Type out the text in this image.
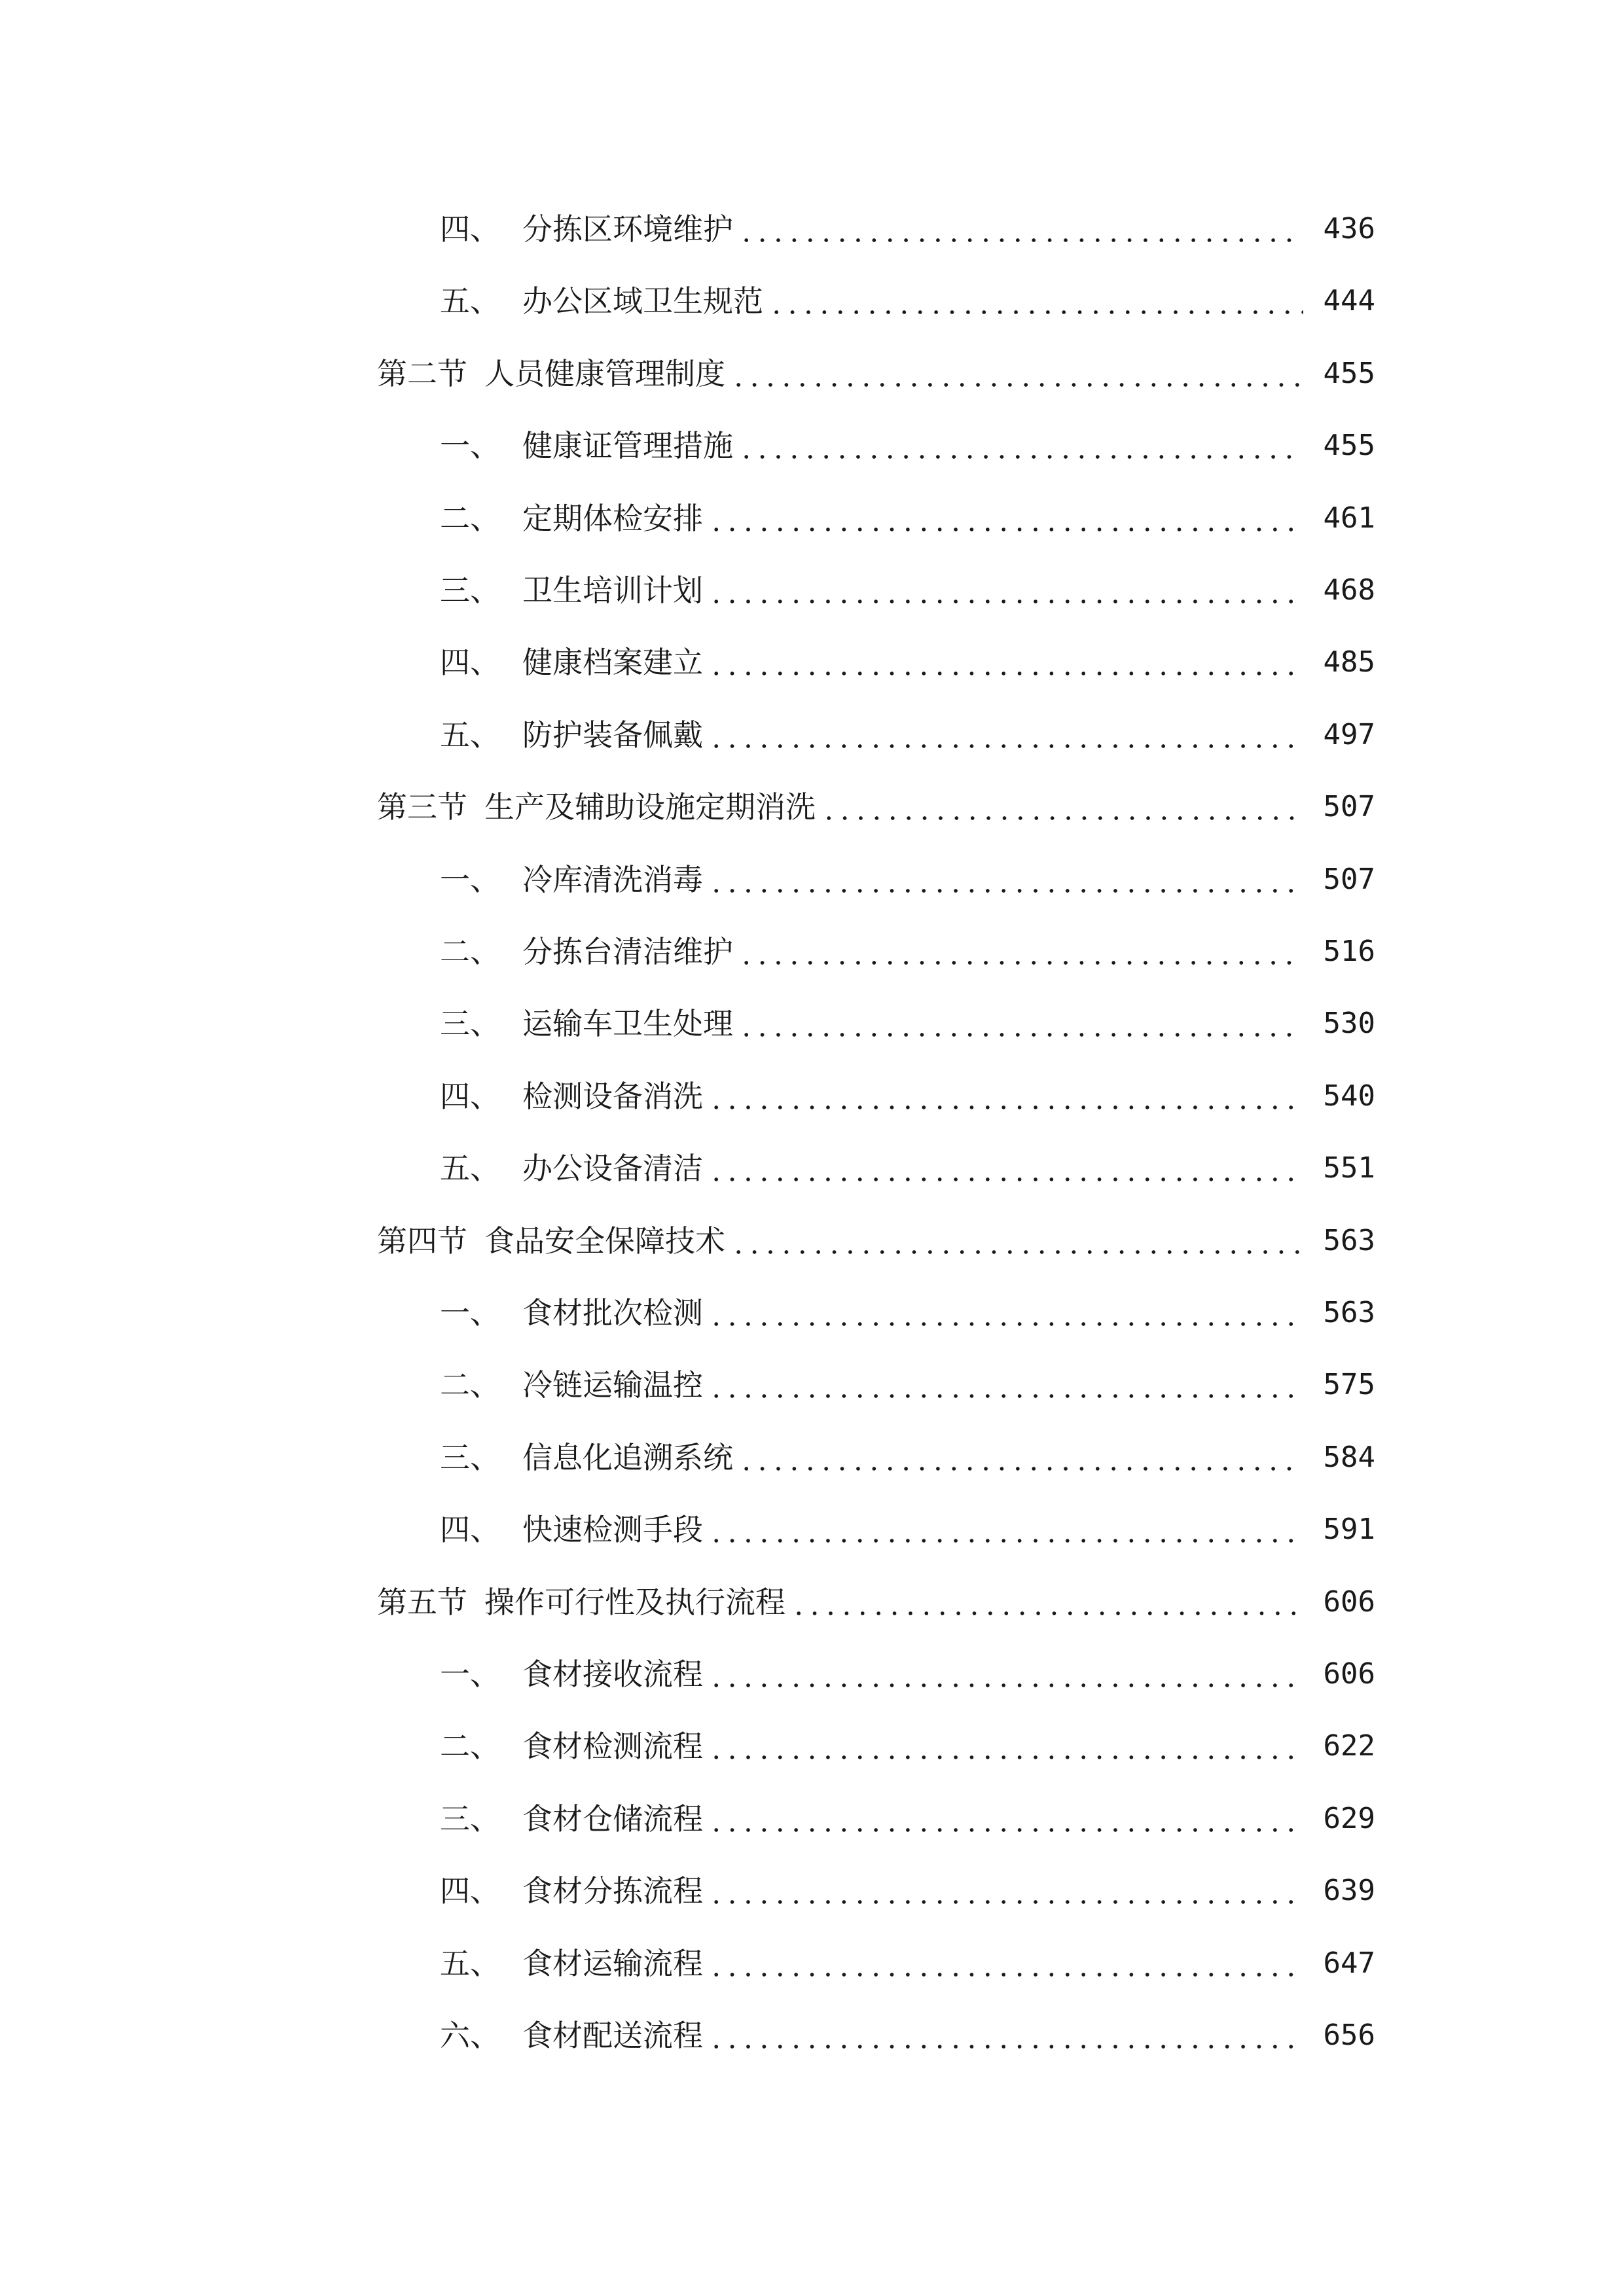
四、 分拣区环境维护	436
五、 办公区域卫生规范	444
第二节 人员健康管理制度	455
一、 健康证管理措施	455
二、 定期体检安排	461
三、 卫生培训计划	468
四、 健康档案建立	485
五、 防护装备佩戴	497
第三节 生产及辅助设施定期消洗	507
一、 冷库清洗消毒	507
二、 分拣台清洁维护	516
三、 运输车卫生处理	530
四、 检测设备消洗	540
五、 办公设备清洁	551
第四节 食品安全保障技术	563
一、 食材批次检测	563
二、 冷链运输温控	575
三、 信息化追溯系统	584
四、 快速检测手段	591
第五节 操作可行性及执行流程	606
一、 食材接收流程	606
二、 食材检测流程	622
三、 食材仓储流程	629
四、 食材分拣流程	639
五、 食材运输流程	647
六、 食材配送流程	656
